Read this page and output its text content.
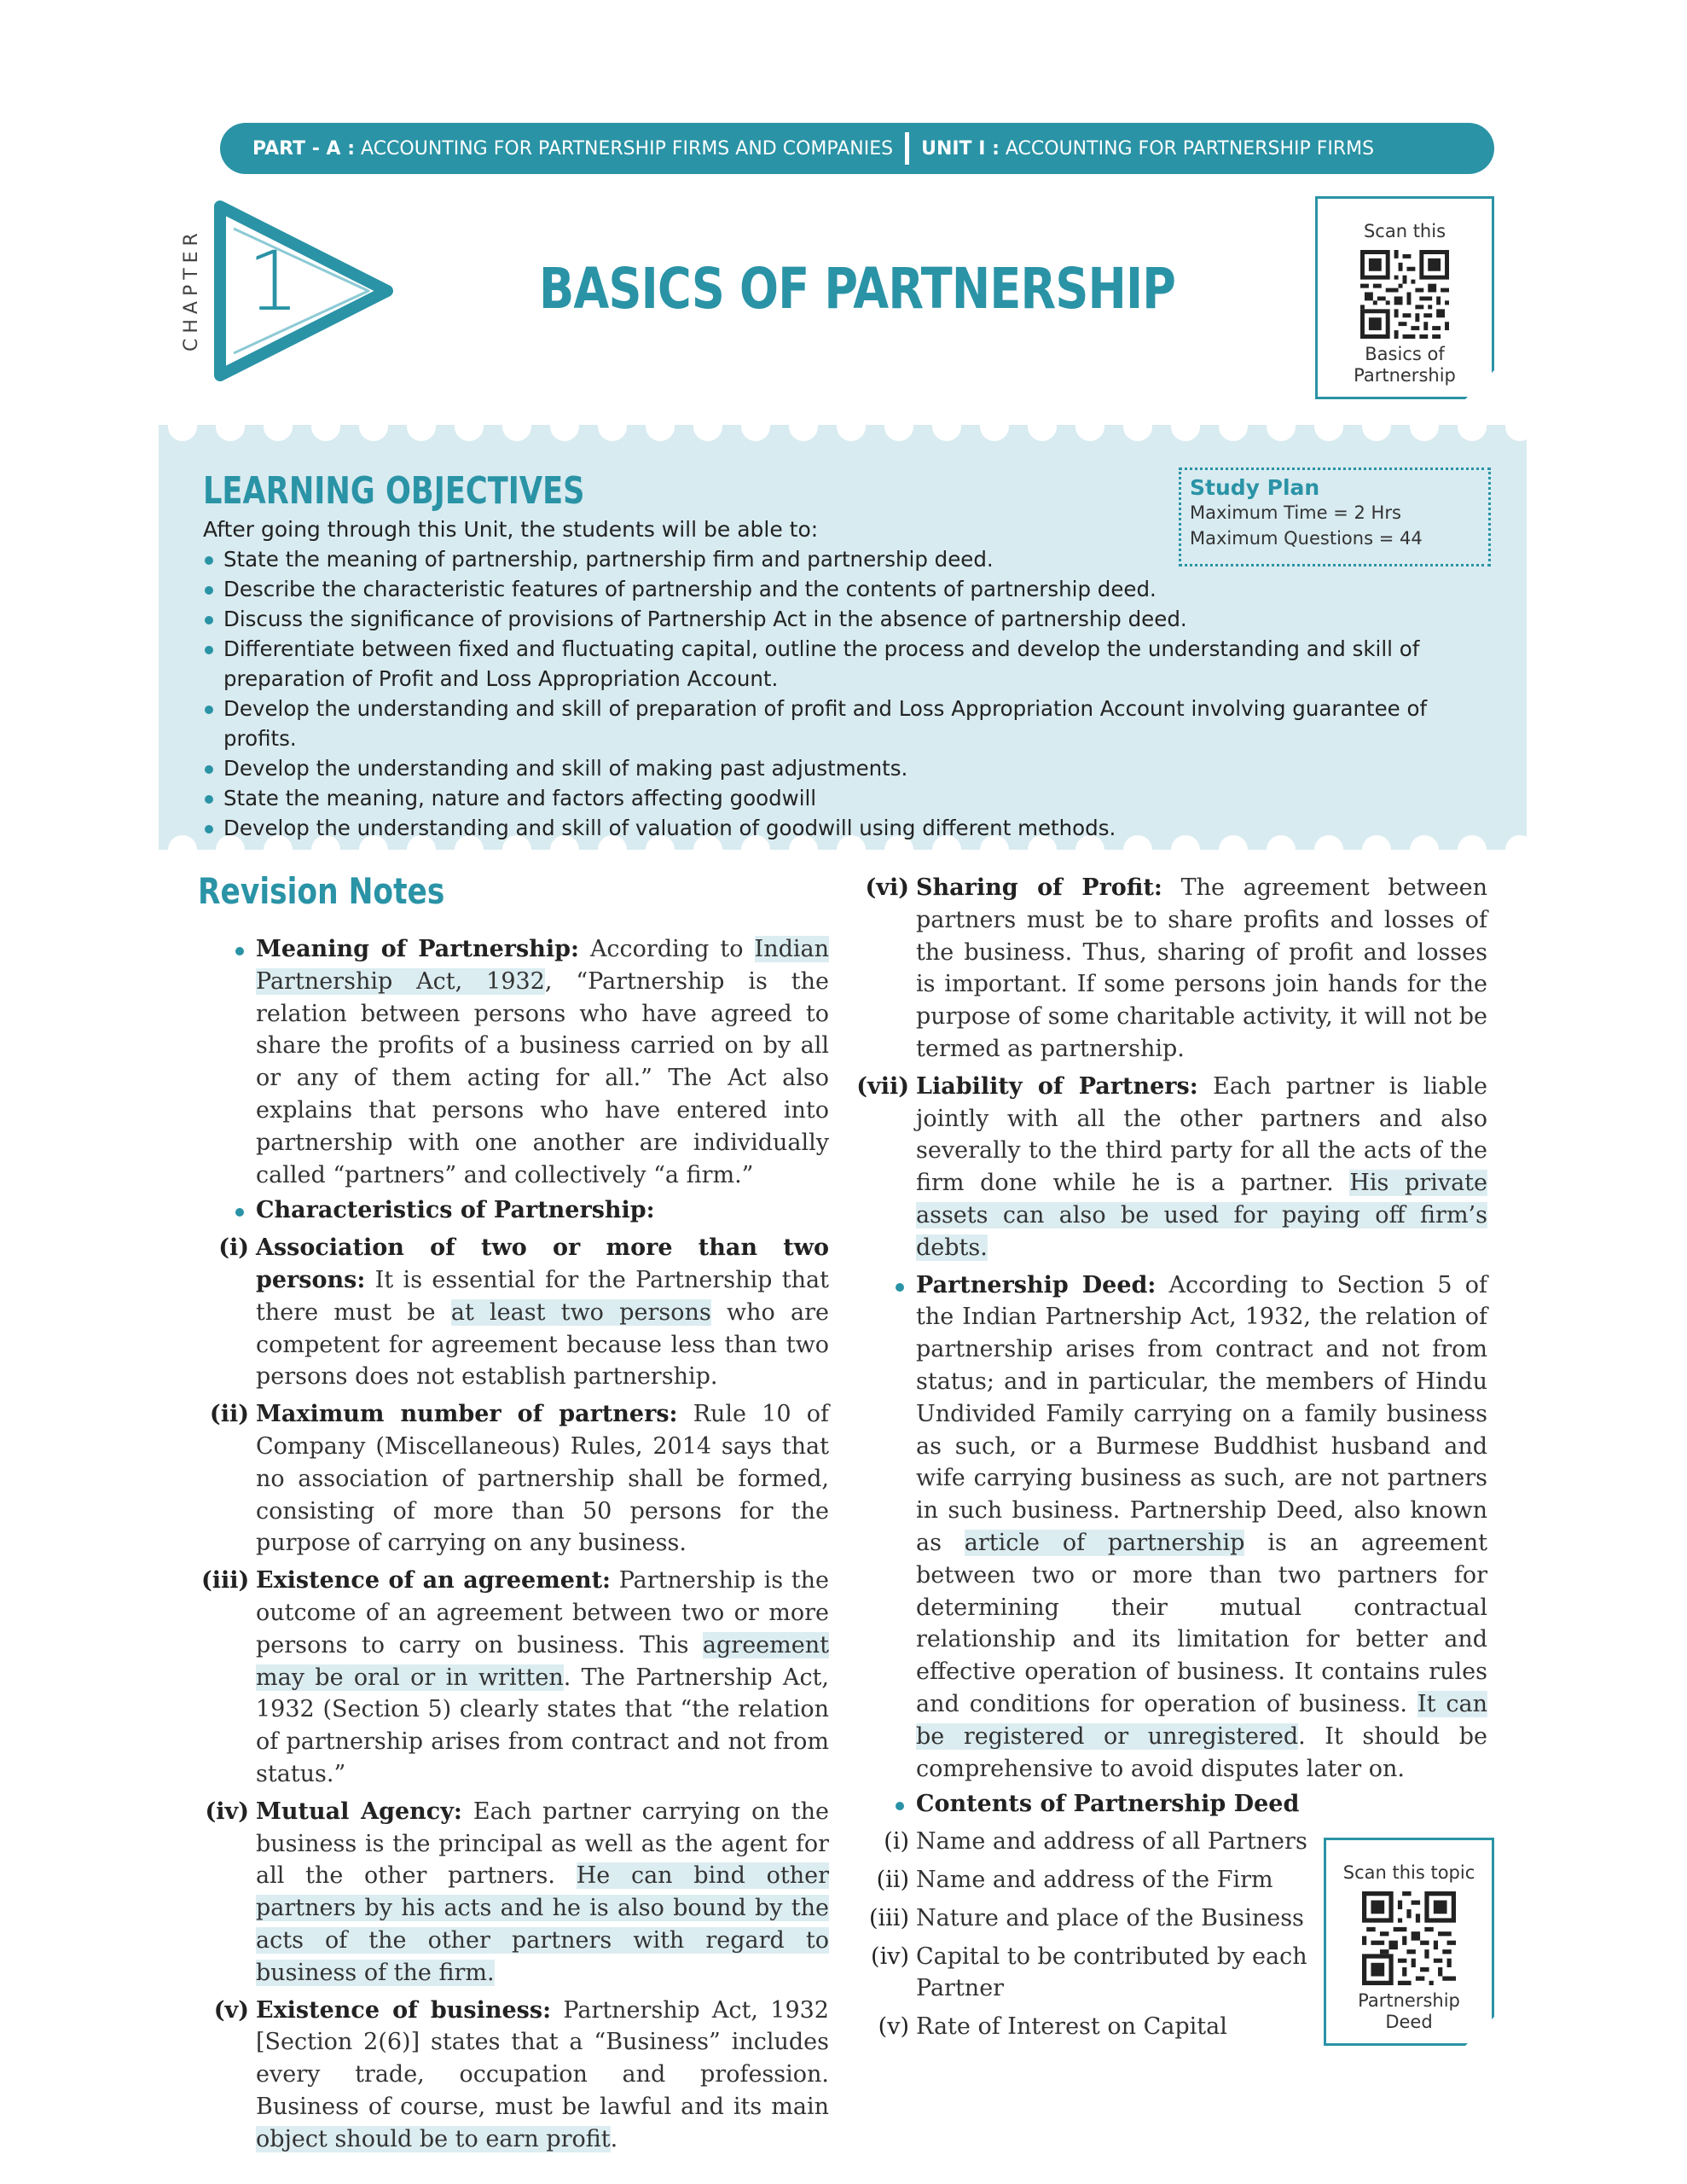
PART - A :
ACCOUNTING FOR PARTNERSHIP FIRMS AND COMPANIES UNIT I :
ACCOUNTING FOR PARTNERSHIP FIRMS
CHAPTER 1	BASICS OF PARTNERSHIP
Scan this
Basics of Partnership
LEARNING OBJECTIVES
After going through this Unit, the students will be able to:
State the meaning of partnership, partnership firm and partnership deed.
Describe the characteristic features of partnership and the contents of partnership deed.
Discuss the significance of provisions of Partnership Act in the absence of partnership deed.
Differentiate between fixed and fluctuating capital, outline the process and develop the understanding and skill of preparation of Profit and Loss Appropriation Account.
Develop the understanding and skill of preparation of profit and Loss Appropriation Account involving guarantee of profits.
Develop the understanding and skill of making past adjustments.
State the meaning, nature and factors affecting goodwill
Develop the understanding and skill of valuation of goodwill using different methods.
Study Plan
Maximum Time = 2 Hrs
Maximum Questions = 44
Revision Notes
Meaning of Partnership: According to Indian Partnership Act, 1932, “Partnership is the relation between persons who have agreed to share the profits of a business carried on by all or any of them acting for all.” The Act also explains that persons who have entered into partnership with one another are individually called “partners” and collectively “a firm.”
Characteristics of Partnership:
(i) Association of two or more than two persons: It is essential for the Partnership that there must be at least two persons who are competent for agreement because less than two persons does not establish partnership.
(ii) Maximum number of partners: Rule 10 of Company (Miscellaneous) Rules, 2014 says that no association of partnership shall be formed, consisting of more than 50 persons for the purpose of carrying on any business.
(iii) Existence of an agreement: Partnership is the outcome of an agreement between two or more persons to carry on business. This agreement may be oral or in written. The Partnership Act, 1932 (Section 5) clearly states that “the relation of partnership arises from contract and not from status.”
(iv) Mutual Agency: Each partner carrying on the business is the principal as well as the agent for all the other partners. He can bind other partners by his acts and he is also bound by the acts of the other partners with regard to business of the firm.
(v) Existence of business: Partnership Act, 1932 [Section 2(6)] states that a “Business” includes every trade, occupation and profession. Business of course, must be lawful and its main object should be to earn profit.
(vi) Sharing of Profit: The agreement between partners must be to share profits and losses of the business. Thus, sharing of profit and losses is important. If some persons join hands for the purpose of some charitable activity, it will not be termed as partnership.
(vii) Liability of Partners: Each partner is liable jointly with all the other partners and also severally to the third party for all the acts of the firm done while he is a partner. His private assets can also be used for paying off firm’s debts.
Partnership Deed: According to Section 5 of the Indian Partnership Act, 1932, the relation of partnership arises from contract and not from status; and in particular, the members of Hindu Undivided Family carrying on a family business as such, or a Burmese Buddhist husband and wife carrying business as such, are not partners in such business. Partnership Deed, also known as article of partnership is an agreement between two or more than two partners for determining their mutual contractual relationship and its limitation for better and effective operation of business. It contains rules and conditions for operation of business. It can be registered or unregistered. It should be comprehensive to avoid disputes later on.
Contents of Partnership Deed
(i) Name and address of all Partners
(ii) Name and address of the Firm
(iii) Nature and place of the Business
(iv) Capital to be contributed by each Partner
(v) Rate of Interest on Capital
Scan this topic
Partnership Deed
